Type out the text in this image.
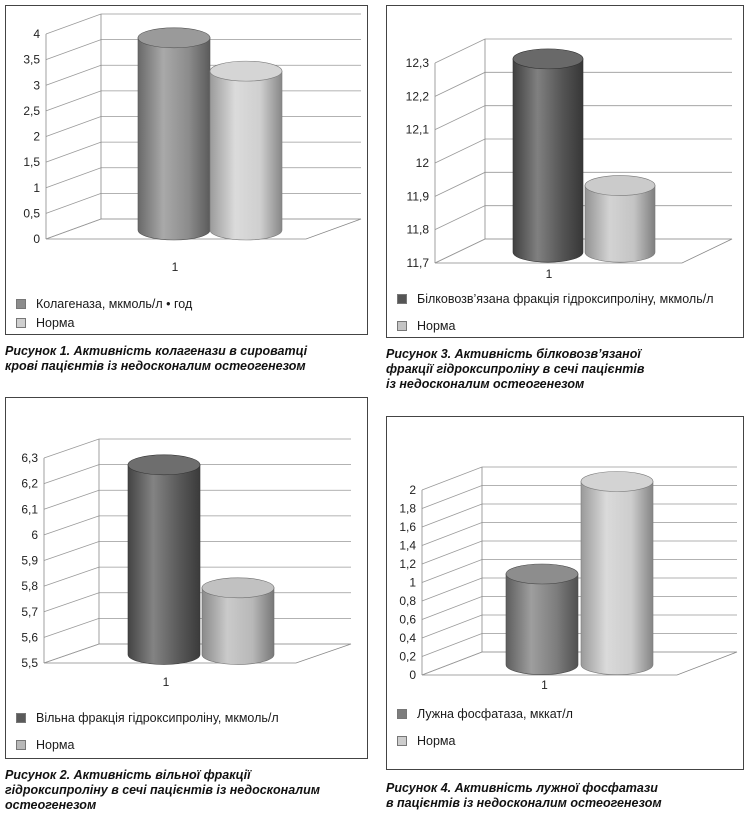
0
0,5
1
1,5
2
2,5
3
3,5
4
1
Колагеназа, мкмоль/л • год
Норма
Рисунок 1. Активність колагенази в сироватці
крові пацієнтів із недосконалим остеогенезом
5,5
5,6
5,7
5,8
5,9
6
6,1
6,2
6,3
1
Вільна фракція гідроксипроліну, мкмоль/л
Норма
Рисунок 2. Активність вільної фракції
гідроксипроліну в сечі пацієнтів із недосконалим
остеогенезом
11,7
11,8
11,9
12
12,1
12,2
12,3
1
Білковозв’язана фракція гідроксипроліну, мкмоль/л
Норма
Рисунок 3. Активність білковозв’язаної
фракції гідроксипроліну в сечі пацієнтів
із недосконалим остеогенезом
0
0,2
0,4
0,6
0,8
1
1,2
1,4
1,6
1,8
2
1
Лужна фосфатаза, мккат/л
Норма
Рисунок 4. Активність лужної фосфатази
в пацієнтів із недосконалим остеогенезом
